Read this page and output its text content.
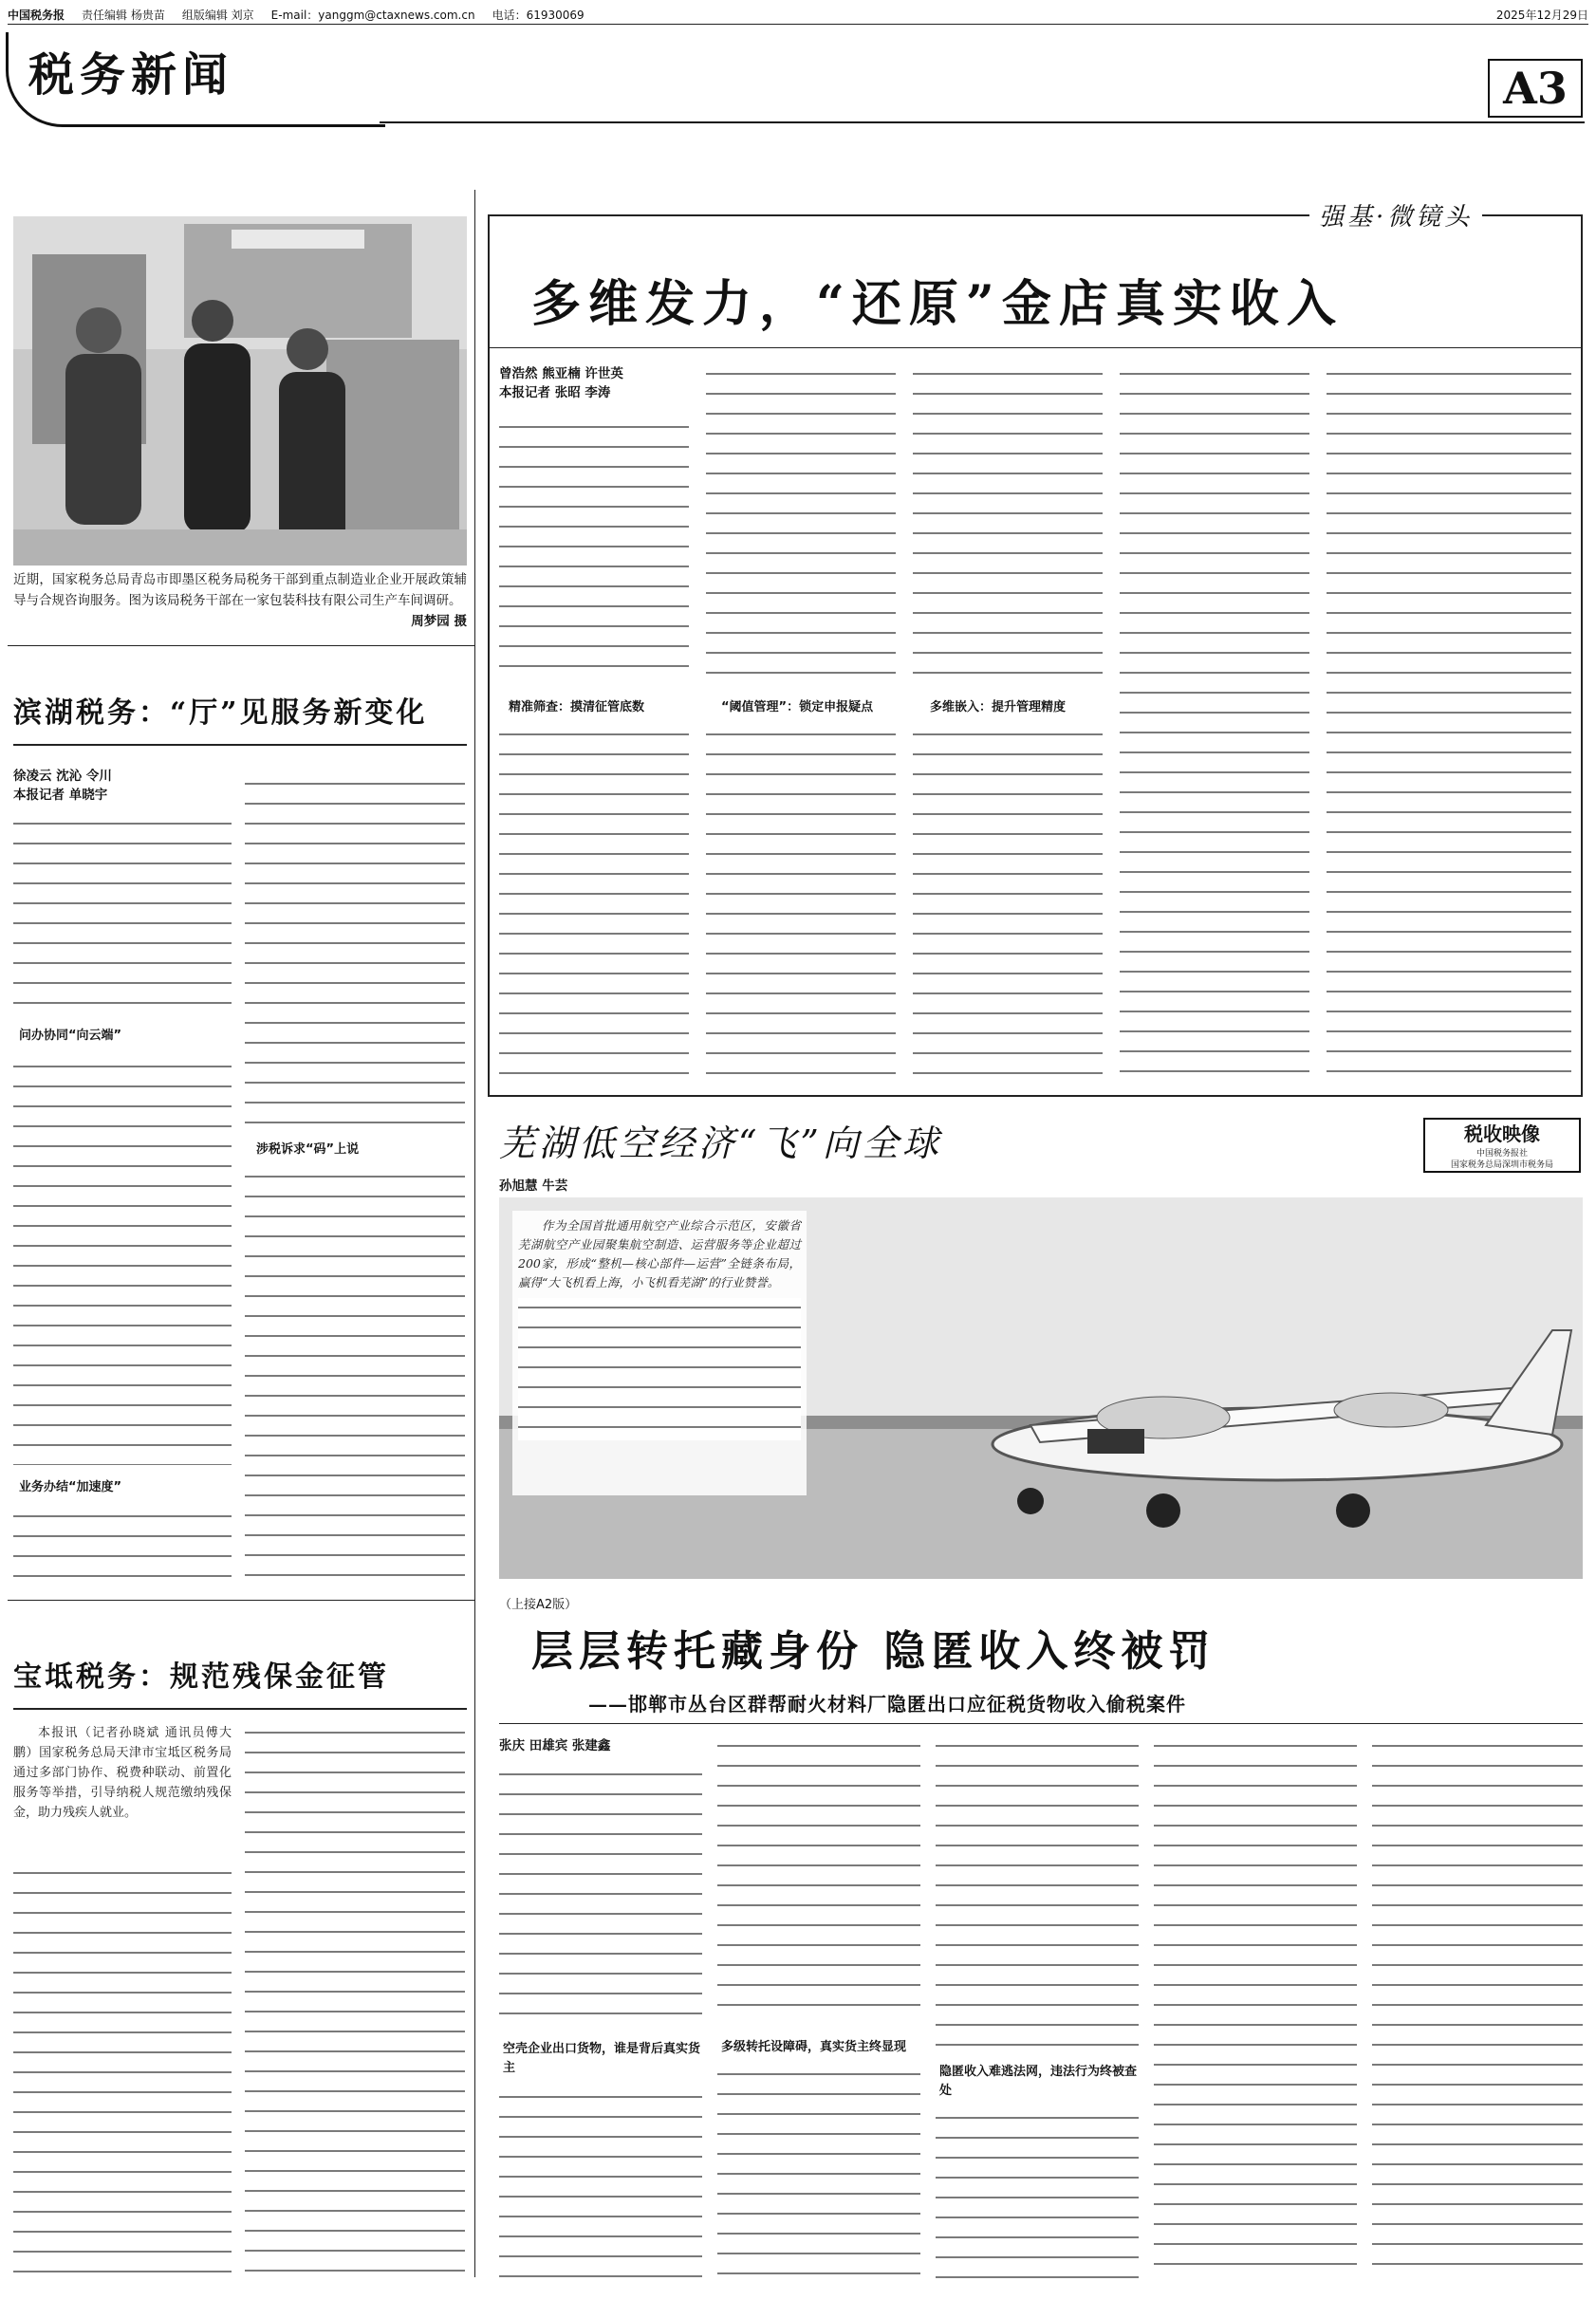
中国税务报 责任编辑 杨贵苗 组版编辑 刘京 E-mail：yanggm@ctaxnews.com.cn 电话：61930069	2025年12月29日
税务新闻	A3
近期，国家税务总局青岛市即墨区税务局税务干部到重点制造业企业开展政策辅导与合规咨询服务。图为该局税务干部在一家包装科技有限公司生产车间调研。
周梦园 摄
滨湖税务：“厅”见服务新变化
徐凌云 沈沁 令川
本报记者 单晓宇
问办协同“向云端”
业务办结“加速度”
涉税诉求“码”上说
宝坻税务：规范残保金征管

本报讯（记者孙晓斌 通讯员傅大鹏）国家税务总局天津市宝坻区税务局通过多部门协作、税费种联动、前置化服务等举措，引导纳税人规范缴纳残保金，助力残疾人就业。

强基·微镜头
多维发力，“还原”金店真实收入
曾浩然 熊亚楠 许世英
本报记者 张昭 李涛
精准筛查：摸清征管底数	“阈值管理”：锁定申报疑点	多维嵌入：提升管理精度
芜湖低空经济“飞”向全球
孙旭慧 牛芸
税收映像
中国税务报社
国家税务总局深圳市税务局
作为全国首批通用航空产业综合示范区，安徽省芜湖航空产业园聚集航空制造、运营服务等企业超过200家，形成“整机—核心部件—运营”全链条布局，赢得“大飞机看上海，小飞机看芜湖”的行业赞誉。
（上接A2版）
层层转托藏身份 隐匿收入终被罚
——邯郸市丛台区群帮耐火材料厂隐匿出口应征税货物收入偷税案件
张庆 田雄宾 张建鑫
空壳企业出口货物，谁是背后真实货主
多级转托设障碍，真实货主终显现
隐匿收入难逃法网，违法行为终被查处
